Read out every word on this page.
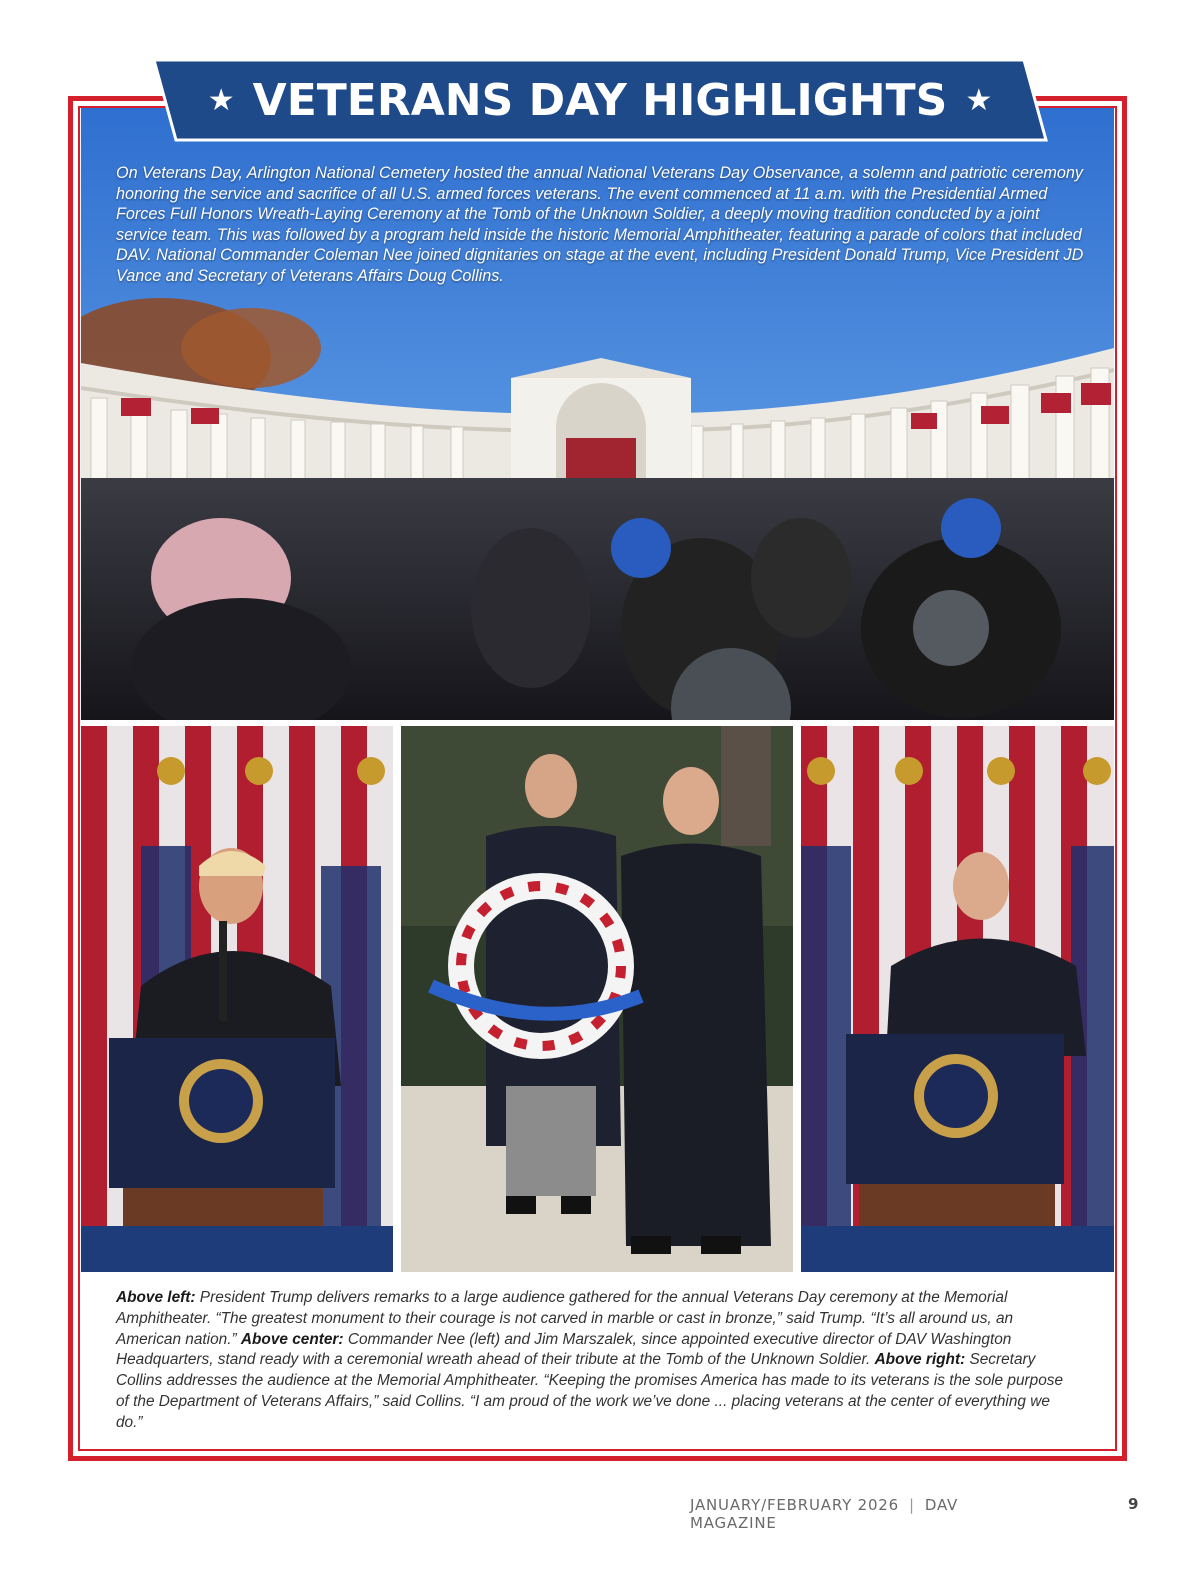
On Veterans Day, Arlington National Cemetery hosted the annual National Veterans Day Observance, a solemn and patriotic ceremony honoring the service and sacrifice of all U.S. armed forces veterans. The event commenced at 11 a.m. with the Presidential Armed Forces Full Honors Wreath-Laying Ceremony at the Tomb of the Unknown Soldier, a deeply moving tradition conducted by a joint service team. This was followed by a program held inside the historic Memorial Amphitheater, featuring a parade of colors that included DAV. National Commander Coleman Nee joined dignitaries on stage at the event, including President Donald Trump, Vice President JD Vance and Secretary of Veterans Affairs Doug Collins.
★ VETERANS DAY HIGHLIGHTS ★
Above left: President Trump delivers remarks to a large audience gathered for the annual Veterans Day ceremony at the Memorial Amphitheater. “The greatest monument to their courage is not carved in marble or cast in bronze,” said Trump. “It’s all around us, an American nation.” Above center: Commander Nee (left) and Jim Marszalek, since appointed executive director of DAV Washington Headquarters, stand ready with a ceremonial wreath ahead of their tribute at the Tomb of the Unknown Soldier. Above right: Secretary Collins addresses the audience at the Memorial Amphitheater. “Keeping the promises America has made to its veterans is the sole purpose of the Department of Veterans Affairs,” said Collins. “I am proud of the work we’ve done ... placing veterans at the center of everything we do.”
JANUARY/FEBRUARY 2026 | DAV MAGAZINE
9
